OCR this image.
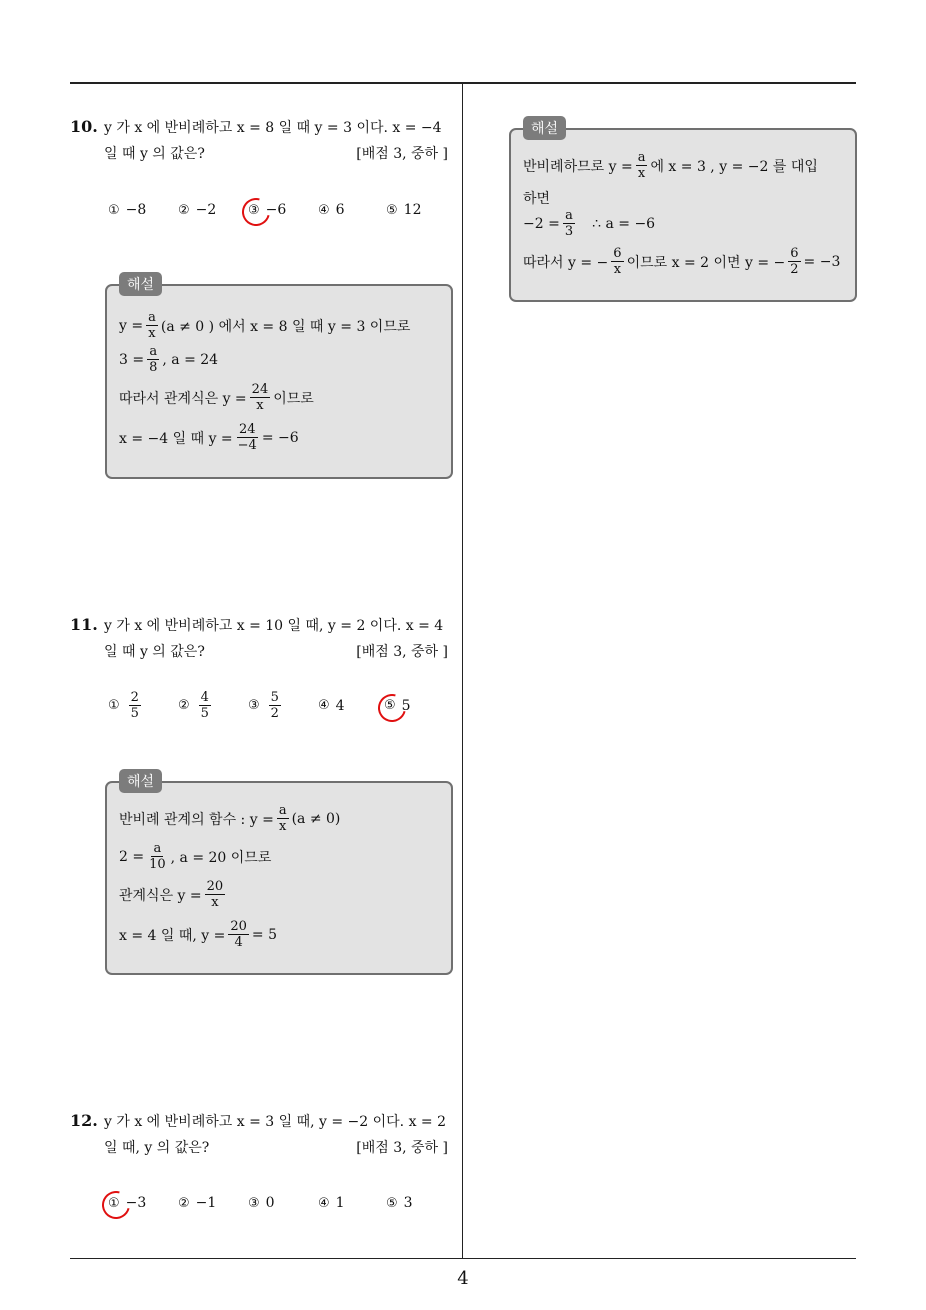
4
10. y 가 x 에 반비례하고 x = 8 일 때 y = 3 이다. x = −4
일 때 y 의 값은?	[배점 3, 중하 ]
① −8 ② −2 ③ −6 ④ 6	⑤ 12
해설
$y = \frac{a}{x} (a \ne 0$ ) 에서 x = 8 일 때 y = 3 이므로
$3 = \frac{a}{8}$ , a = 24
따라서 관계식은 $y = \frac{24}{x}$ 이므로
x = −4 일 때 $y = \frac{24}{-4} = -6$
11. y 가 x 에 반비례하고 x = 10 일 때, y = 2 이다. x = 4
일 때 y 의 값은?	[배점 3, 중하 ]
① $\frac{2}{5}$	② $\frac{4}{5}$	③ $\frac{5}{2}$	④ 4	⑤ 5
해설
반비례 관계의 함수 : $y = \frac{a}{x} (a \ne 0)$
$2 = \frac{a}{10}$ , a = 20 이므로
관계식은 $y = \frac{20}{x}$
x = 4 일 때, $y = \frac{20}{4} = 5$
12. y 가 x 에 반비례하고 x = 3 일 때, y = −2 이다. x = 2
일 때, y 의 값은?	[배점 3, 중하 ]
① −3 ② −1 ③ 0	④ 1	⑤ 3
해설
반비례하므로 $y = \frac{a}{x}$ 에 x = 3 , y = −2 를 대입
하면
$-2 = \frac{a}{3}$ ∴ a = −6
따라서 y = − $\frac{6}{x}$ 이므로 x = 2 이면 y = − $\frac{6}{2} = -3$
